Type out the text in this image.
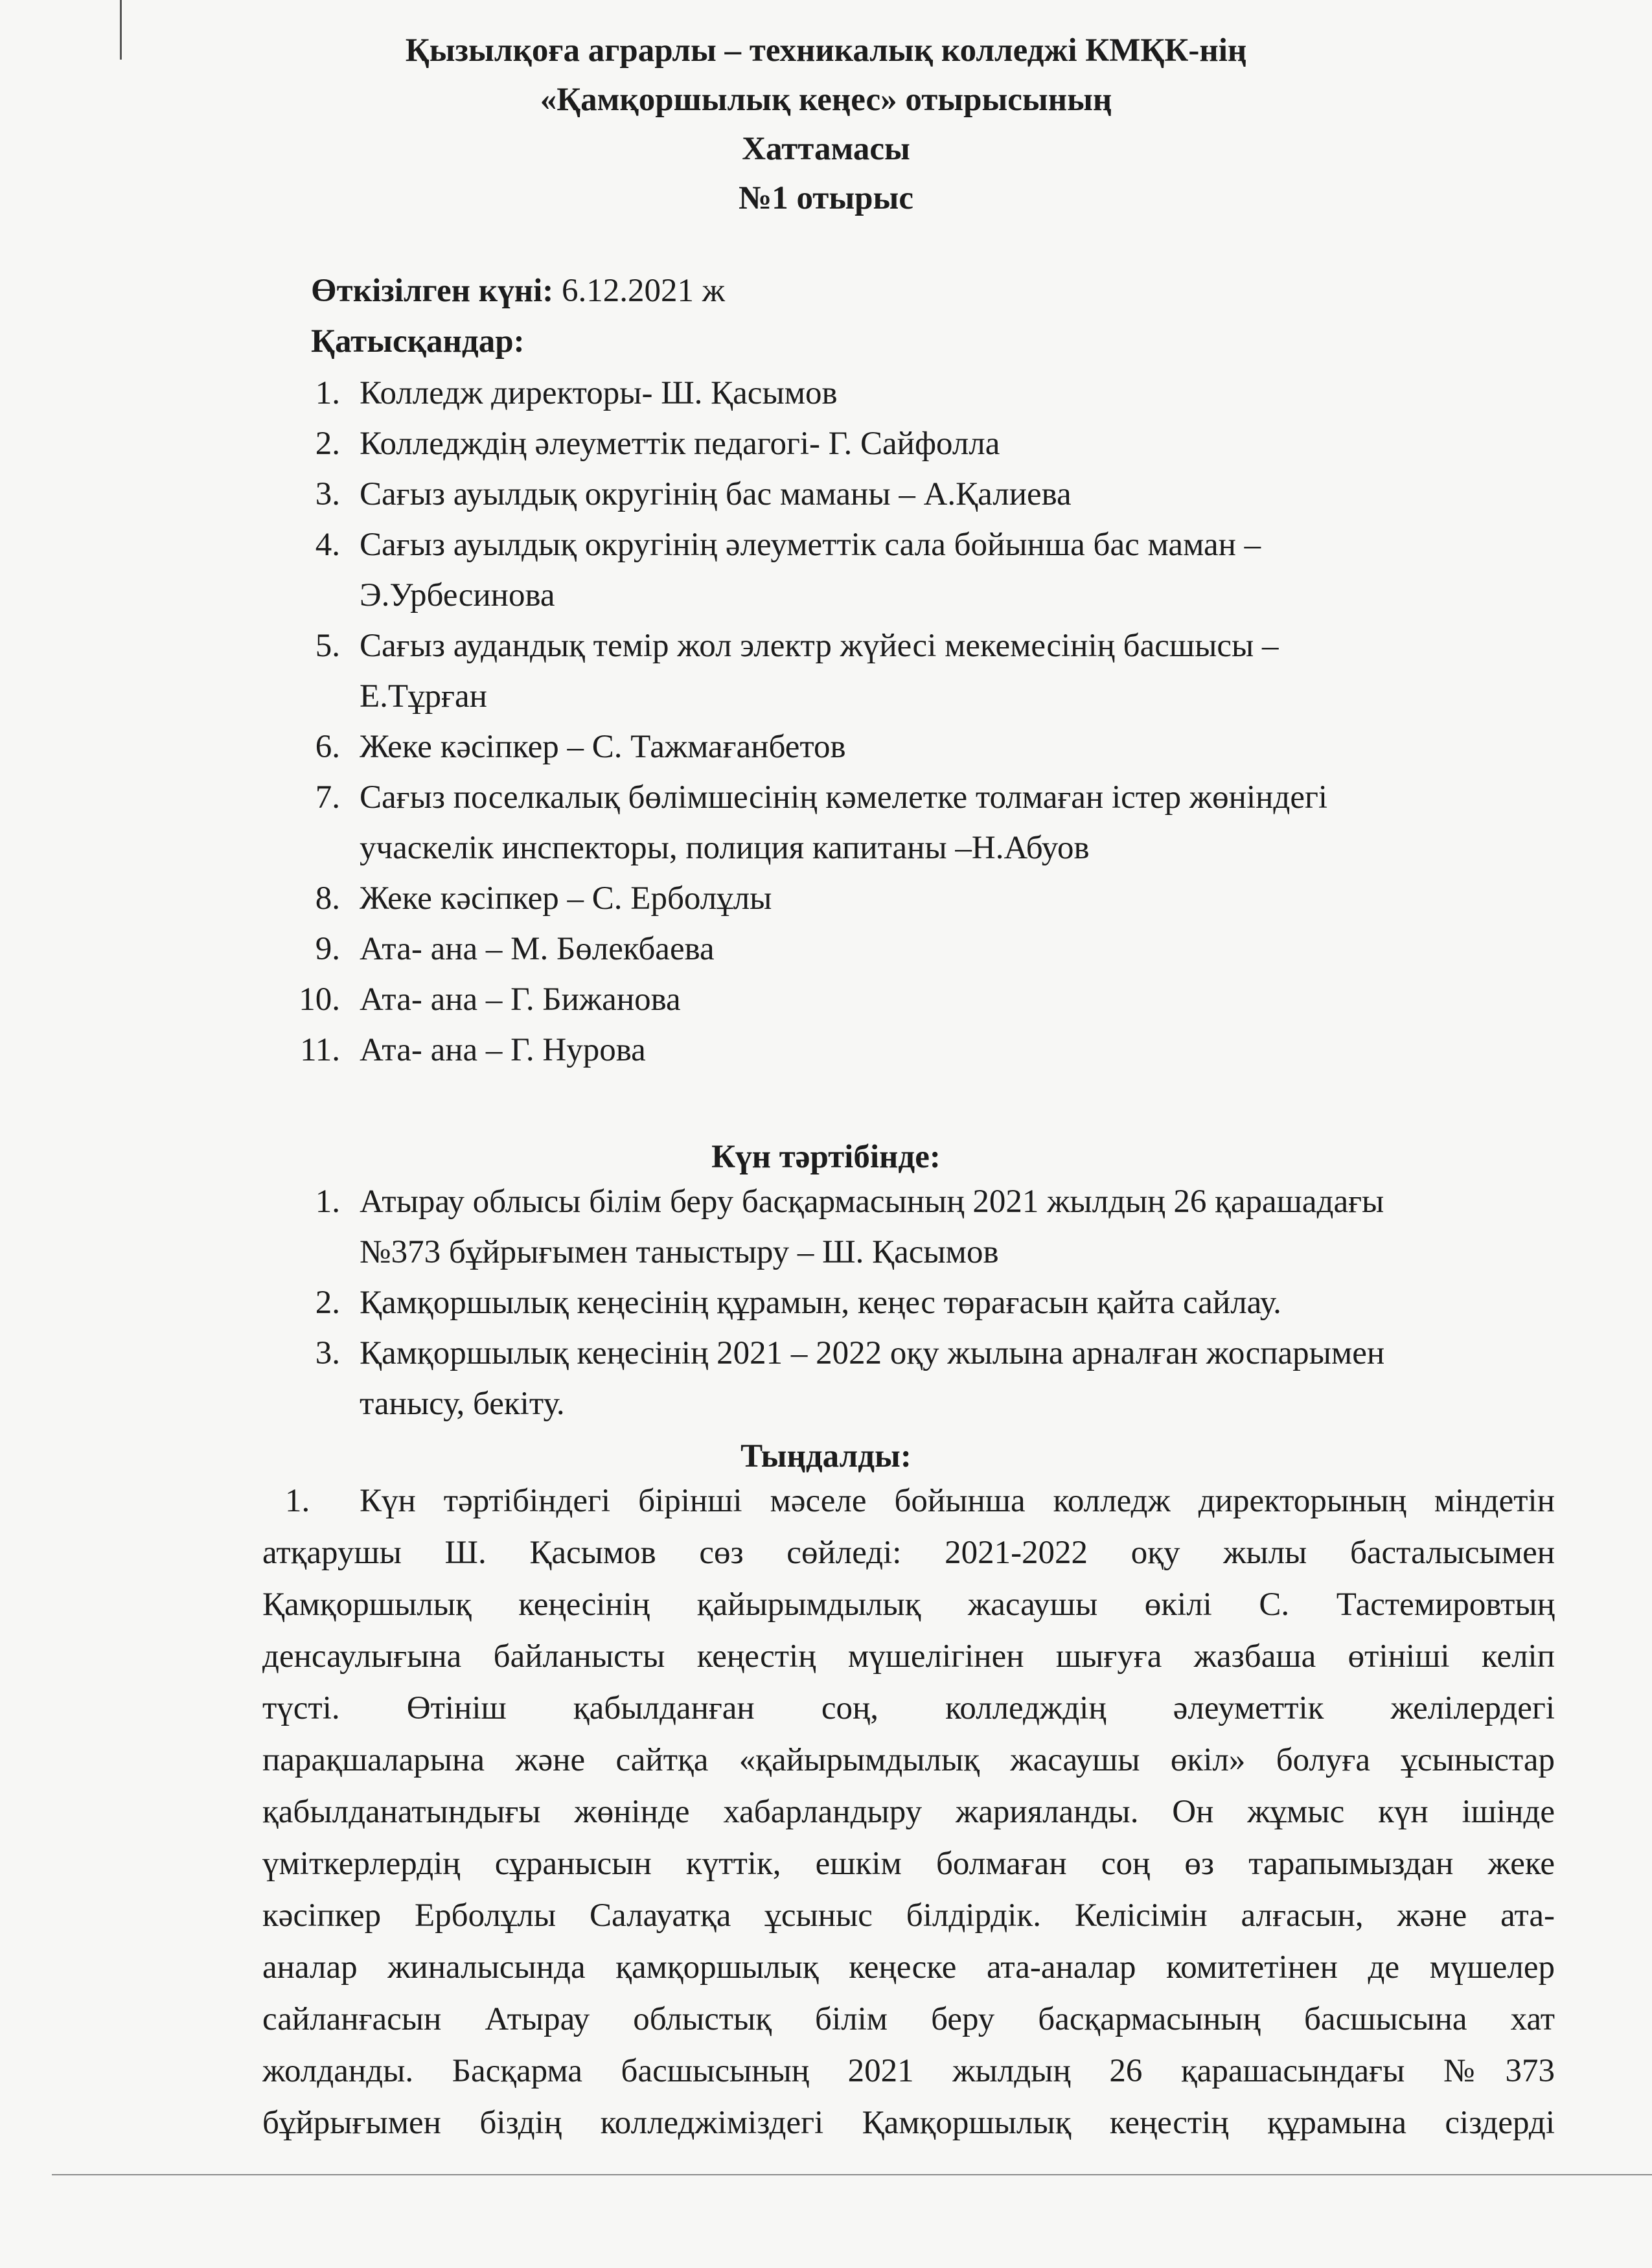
Қызылқоға аграрлы – техникалық колледжі КМҚК-нің
«Қамқоршылық кеңес» отырысының
Хаттамасы
№1 отырыс
Өткізілген күні: 6.12.2021 ж
Қатысқандар:
1. Колледж директоры- Ш. Қасымов
2. Колледждің әлеуметтік педагогі- Г. Сайфолла
3. Сағыз ауылдық округінің бас маманы – А.Қалиева
4. Сағыз ауылдық округінің әлеуметтік сала бойынша бас маман –
Э.Урбесинова
5. Сағыз аудандық темір жол электр жүйесі мекемесінің басшысы –
Е.Тұрған
6. Жеке кәсіпкер – С. Тажмағанбетов
7. Сағыз поселкалық бөлімшесінің кәмелетке толмаған істер жөніндегі
учаскелік инспекторы, полиция капитаны –Н.Абуов
8. Жеке кәсіпкер – С. Ерболұлы
9. Ата- ана – М. Бөлекбаева
10. Ата- ана – Г. Бижанова
11. Ата- ана – Г. Нурова
Күн тәртібінде:
1. Атырау облысы білім беру басқармасының 2021 жылдың 26 қарашадағы
№373 бұйрығымен таныстыру – Ш. Қасымов
2. Қамқоршылық кеңесінің құрамын, кеңес төрағасын қайта сайлау.
3. Қамқоршылық кеңесінің 2021 – 2022 оқу жылына арналған жоспарымен
танысу, бекіту.
Тыңдалды:
1. Күн тәртібіндегі бірінші мәселе бойынша колледж директорының міндетін
атқарушы Ш. Қасымов сөз сөйледі: 2021-2022 оқу жылы басталысымен
Қамқоршылық кеңесінің қайырымдылық жасаушы өкілі С. Тастемировтың
денсаулығына байланысты кеңестің мүшелігінен шығуға жазбаша өтініші келіп
түсті. Өтініш қабылданған соң, колледждің әлеуметтік желілердегі
парақшаларына және сайтқа «қайырымдылық жасаушы өкіл» болуға ұсыныстар
қабылданатындығы жөнінде хабарландыру жарияланды. Он жұмыс күн ішінде
үміткерлердің сұранысын күттік, ешкім болмаған соң өз тарапымыздан жеке
кәсіпкер Ерболұлы Салауатқа ұсыныс білдірдік. Келісімін алғасын, және ата-
аналар жиналысында қамқоршылық кеңеске ата-аналар комитетінен де мүшелер
сайланғасын Атырау облыстық білім беру басқармасының басшысына хат
жолданды. Басқарма басшысының 2021 жылдың 26 қарашасындағы №373
бұйрығымен біздің колледжіміздегі Қамқоршылық кеңестің құрамына сіздерді
